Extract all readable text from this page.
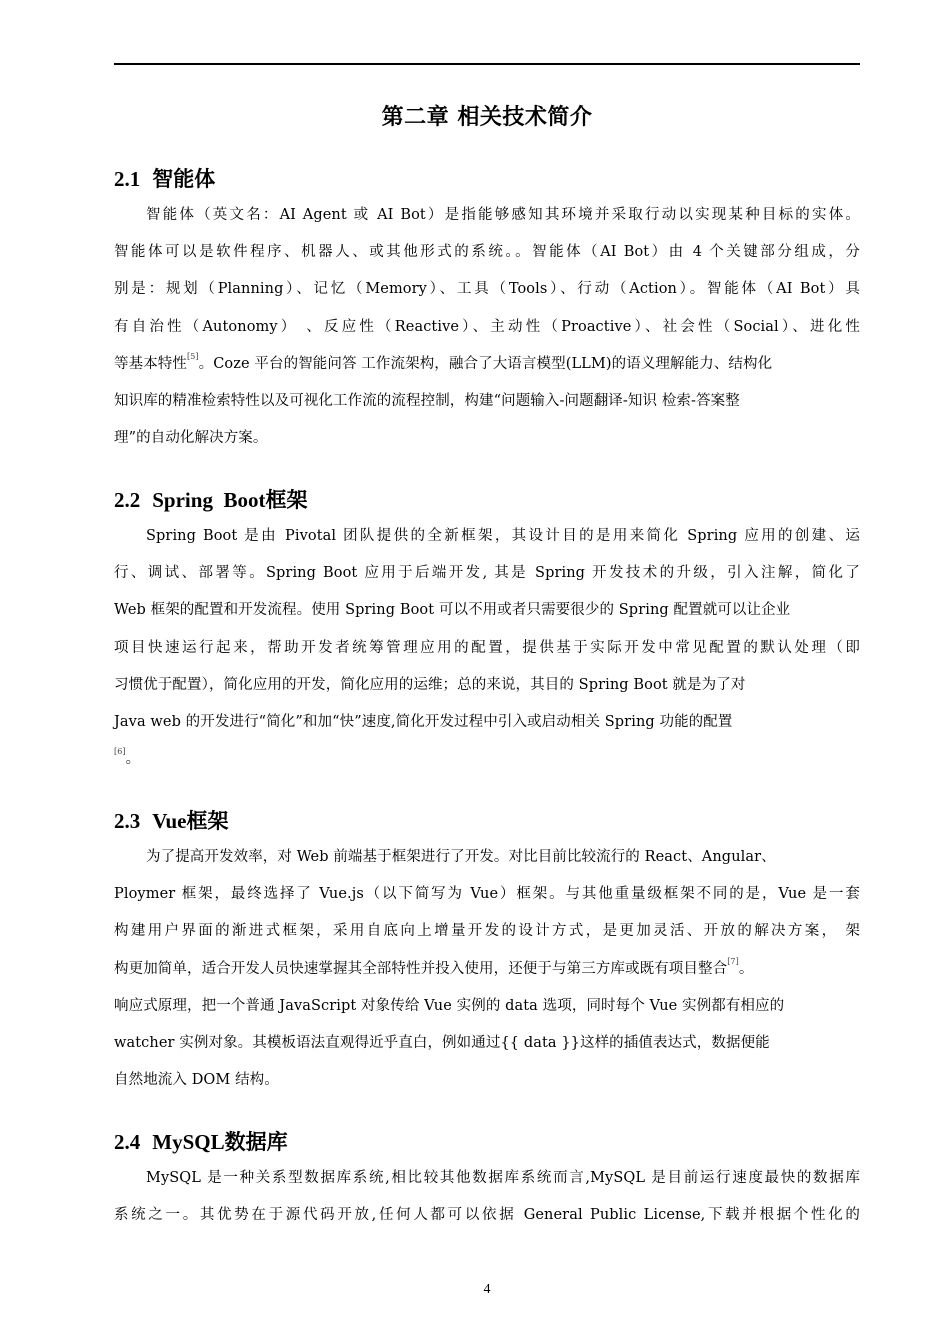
第二章 相关技术简介
2.1 智能体
智能体（英文名：AI Agent 或 AI Bot）是指能够感知其环境并采取行动以实现某种目标的实体。
智能体可以是软件程序、机器人、或其他形式的系统。。智能体（AI Bot）由 4 个关键部分组成，分
别是：规划（Planning）、记忆（Memory）、工具（Tools）、行动（Action）。智能体（AI Bot）具
有自治性（Autonomy） 、反应性（Reactive）、主动性（Proactive）、社会性（Social）、进化性
等基本特性[5]。Coze 平台的智能问答 工作流架构，融合了大语言模型(LLM)的语义理解能力、结构化
知识库的精准检索特性以及可视化工作流的流程控制，构建“问题输入-问题翻译-知识 检索-答案整
理”的自动化解决方案。
2.2 Spring  Boot框架
Spring Boot 是由 Pivotal 团队提供的全新框架，其设计目的是用来简化 Spring 应用的创建、运
行、调试、部署等。Spring Boot 应用于后端开发, 其是 Spring 开发技术的升级，引入注解，简化了
Web 框架的配置和开发流程。使用 Spring Boot 可以不用或者只需要很少的 Spring 配置就可以让企业
项目快速运行起来，帮助开发者统筹管理应用的配置，提供基于实际开发中常见配置的默认处理（即
习惯优于配置），简化应用的开发，简化应用的运维；总的来说，其目的 Spring Boot 就是为了对
Java web 的开发进行“简化”和加“快”速度,简化开发过程中引入或启动相关 Spring 功能的配置
[6]。
2.3 Vue框架
为了提高开发效率，对 Web 前端基于框架进行了开发。对比目前比较流行的 React、Angular、
Ploymer 框架，最终选择了 Vue.js（以下简写为 Vue）框架。与其他重量级框架不同的是，Vue 是一套
构建用户界面的渐进式框架，采用自底向上增量开发的设计方式，是更加灵活、开放的解决方案， 架
构更加简单，适合开发人员快速掌握其全部特性并投入使用，还便于与第三方库或既有项目整合[7]。
响应式原理，把一个普通 JavaScript 对象传给 Vue 实例的 data 选项，同时每个 Vue 实例都有相应的
watcher 实例对象。其模板语法直观得近乎直白，例如通过{{ data }}这样的插值表达式，数据便能
自然地流入 DOM 结构。
2.4 MySQL数据库
MySQL 是一种关系型数据库系统,相比较其他数据库系统而言,MySQL 是目前运行速度最快的数据库
系统之一。其优势在于源代码开放,任何人都可以依据 General Public License,下载并根据个性化的
4
